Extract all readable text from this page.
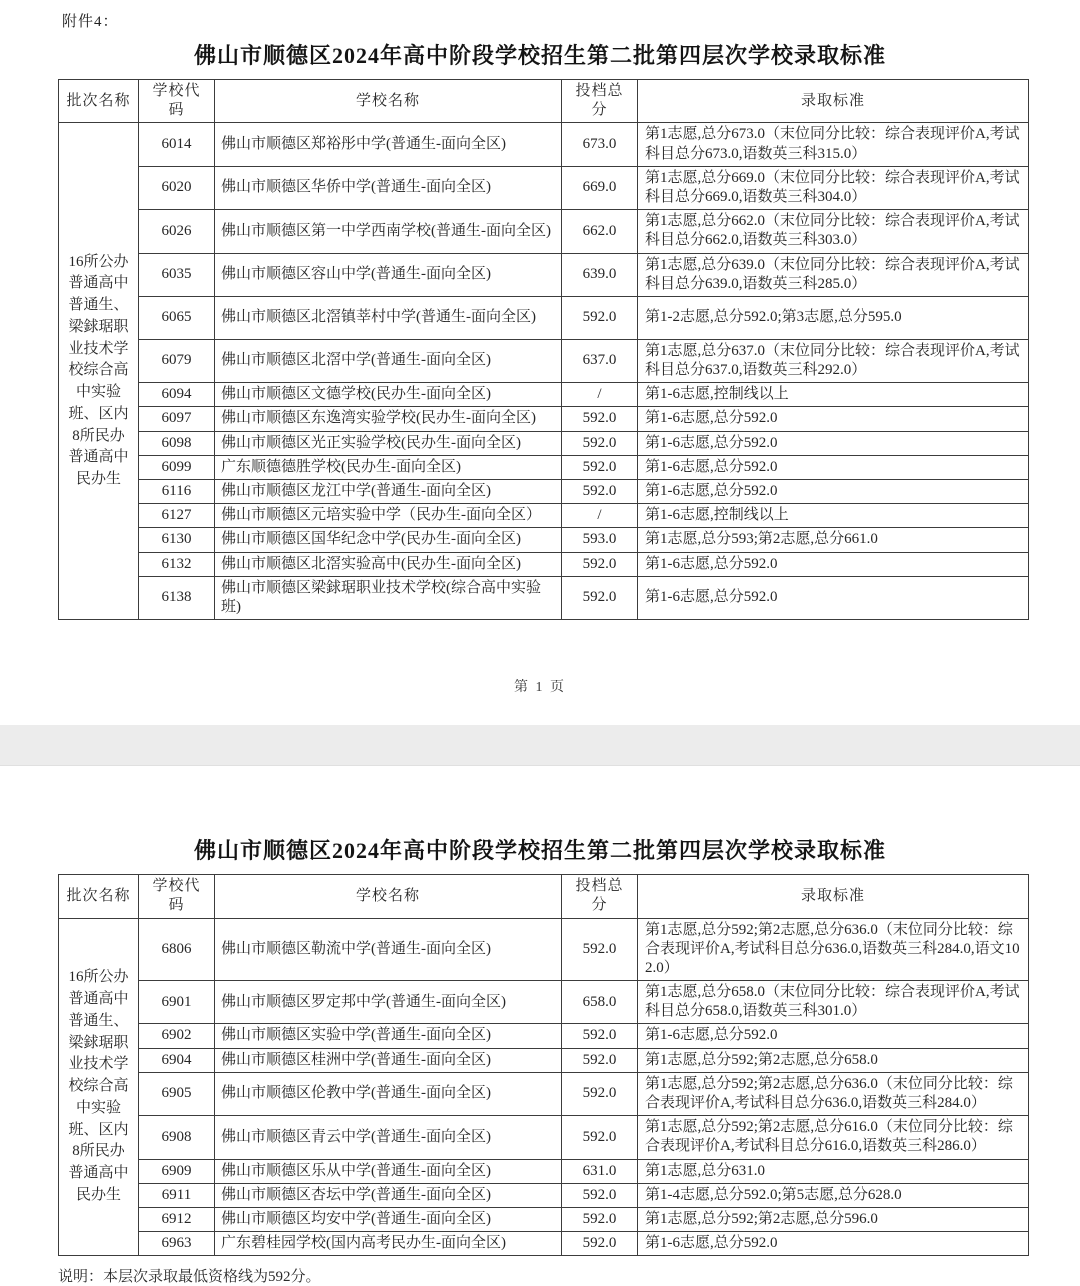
附件4：
佛山市顺德区2024年高中阶段学校招生第二批第四层次学校录取标准
批次名称	学校代码	学校名称	投档总分	录取标准
16所公办普通高中普通生、梁銶琚职业技术学校综合高中实验班、区内8所民办普通高中民办生	6014	佛山市顺德区郑裕彤中学(普通生-面向全区)	673.0	第1志愿,总分673.0（末位同分比较：综合表现评价A,考试科目总分673.0,语数英三科315.0）
	6020	佛山市顺德区华侨中学(普通生-面向全区)	669.0	第1志愿,总分669.0（末位同分比较：综合表现评价A,考试科目总分669.0,语数英三科304.0）
	6026	佛山市顺德区第一中学西南学校(普通生-面向全区)	662.0	第1志愿,总分662.0（末位同分比较：综合表现评价A,考试科目总分662.0,语数英三科303.0）
	6035	佛山市顺德区容山中学(普通生-面向全区)	639.0	第1志愿,总分639.0（末位同分比较：综合表现评价A,考试科目总分639.0,语数英三科285.0）
	6065	佛山市顺德区北滘镇莘村中学(普通生-面向全区)	592.0	第1-2志愿,总分592.0;第3志愿,总分595.0
	6079	佛山市顺德区北滘中学(普通生-面向全区)	637.0	第1志愿,总分637.0（末位同分比较：综合表现评价A,考试科目总分637.0,语数英三科292.0）
	6094	佛山市顺德区文德学校(民办生-面向全区)	/	第1-6志愿,控制线以上
	6097	佛山市顺德区东逸湾实验学校(民办生-面向全区)	592.0	第1-6志愿,总分592.0
	6098	佛山市顺德区光正实验学校(民办生-面向全区)	592.0	第1-6志愿,总分592.0
	6099	广东顺德德胜学校(民办生-面向全区)	592.0	第1-6志愿,总分592.0
	6116	佛山市顺德区龙江中学(普通生-面向全区)	592.0	第1-6志愿,总分592.0
	6127	佛山市顺德区元培实验中学（民办生-面向全区）	/	第1-6志愿,控制线以上
	6130	佛山市顺德区国华纪念中学(民办生-面向全区)	593.0	第1志愿,总分593;第2志愿,总分661.0
	6132	佛山市顺德区北滘实验高中(民办生-面向全区)	592.0	第1-6志愿,总分592.0
	6138	佛山市顺德区梁銶琚职业技术学校(综合高中实验班)	592.0	第1-6志愿,总分592.0
第 1 页
佛山市顺德区2024年高中阶段学校招生第二批第四层次学校录取标准
批次名称	学校代码	学校名称	投档总分	录取标准
16所公办普通高中普通生、梁銶琚职业技术学校综合高中实验班、区内8所民办普通高中民办生	6806	佛山市顺德区勒流中学(普通生-面向全区)	592.0	第1志愿,总分592;第2志愿,总分636.0（末位同分比较：综合表现评价A,考试科目总分636.0,语数英三科284.0,语文102.0）
	6901	佛山市顺德区罗定邦中学(普通生-面向全区)	658.0	第1志愿,总分658.0（末位同分比较：综合表现评价A,考试科目总分658.0,语数英三科301.0）
	6902	佛山市顺德区实验中学(普通生-面向全区)	592.0	第1-6志愿,总分592.0
	6904	佛山市顺德区桂洲中学(普通生-面向全区)	592.0	第1志愿,总分592;第2志愿,总分658.0
	6905	佛山市顺德区伦教中学(普通生-面向全区)	592.0	第1志愿,总分592;第2志愿,总分636.0（末位同分比较：综合表现评价A,考试科目总分636.0,语数英三科284.0）
	6908	佛山市顺德区青云中学(普通生-面向全区)	592.0	第1志愿,总分592;第2志愿,总分616.0（末位同分比较：综合表现评价A,考试科目总分616.0,语数英三科286.0）
	6909	佛山市顺德区乐从中学(普通生-面向全区)	631.0	第1志愿,总分631.0
	6911	佛山市顺德区杏坛中学(普通生-面向全区)	592.0	第1-4志愿,总分592.0;第5志愿,总分628.0
	6912	佛山市顺德区均安中学(普通生-面向全区)	592.0	第1志愿,总分592;第2志愿,总分596.0
	6963	广东碧桂园学校(国内高考民办生-面向全区)	592.0	第1-6志愿,总分592.0
说明：本层次录取最低资格线为592分。
